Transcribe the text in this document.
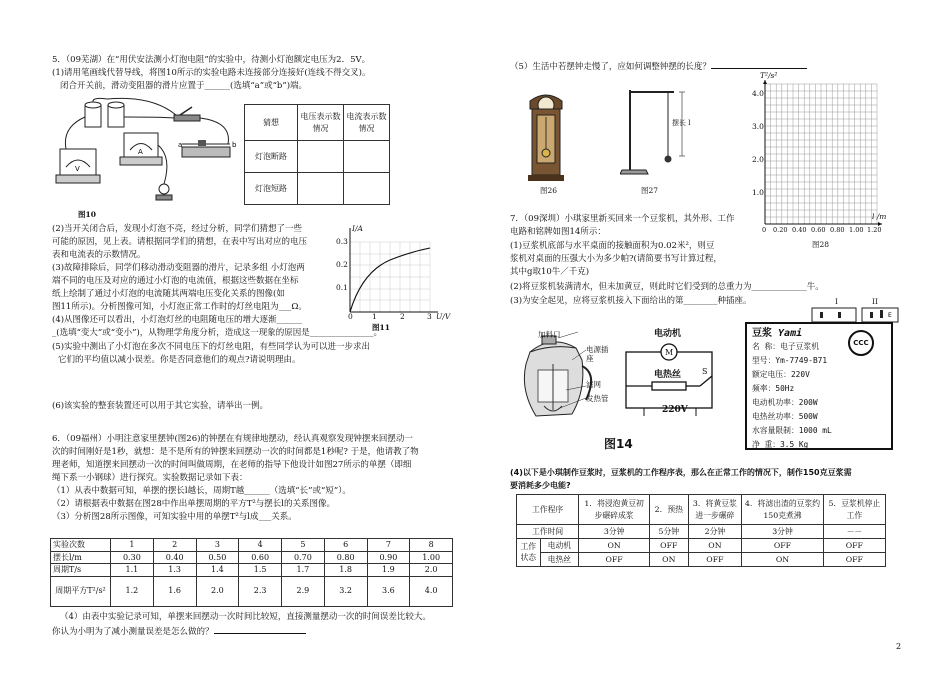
5．（09芜湖）在“用伏安法测小灯泡电阻”的实验中，待测小灯泡额定电压为2．5V。
(1)请用笔画线代替导线，将图10所示的实验电路未连接部分连接好(连线不得交叉)。
闭合开关前，滑动变阻器的滑片应置于______(选填“a”或“b”)端。
V
A
a	b
图10
猜想	电压表示数情况	电流表示数情况
灯泡断路		
灯泡短路		
(2)当开关闭合后，发现小灯泡不亮，经过分析，同学们猜想了一些
可能的原因，见上表。请根据同学们的猜想，在表中写出对应的电压
表和电流表的示数情况。
(3)故障排除后，同学们移动滑动变阻器的滑片，记录多组 小灯泡两
端不同的电压及对应的通过小灯泡的电流值，根据这些数据在坐标
纸上绘制了通过小灯泡的电流随其两端电压变化关系的图像(如
图11所示)。分析图像可知，小灯泡正常工作时的灯丝电阻为___Ω。
(4)从图像还可以看出，小灯泡灯丝的电阻随电压的增大逐渐______
_(选填“变大”或“变小”)，从物理学角度分析，造成这一现象的原因是_______________。
(5)实验中测出了小灯泡在多次不同电压下的灯丝电阻，有些同学认为可以进一步求出
它们的平均值以减小误差。你是否同意他们的观点?请说明理由。
(6)该实验的整套装置还可以用于其它实验，请举出一例。
I/A
0.3
0.2
0.1
0	1	2	3 U/V
图11
6．（09福州）小明注意家里摆钟(图26)的钟摆在有规律地摆动，经认真观察发现钟摆来回摆动一
次的时间刚好是1秒，就想：是不是所有的钟摆来回摆动一次的时间都是1秒呢? 于是，他请教了物
理老师，知道摆来回摆动一次的时间叫做周期，在老师的指导下他设计如图27所示的单摆（即细
绳下系一小钢球）进行探究。实验数据记录如下表：
（1）从表中数据可知，单摆的摆长l越长，周期T越______（选填“长”或“短”）。
（2）请根据表中数据在图28中作出单摆周期的平方T²与摆长l的关系图像。
（3）分析图28所示图像，可知实验中用的单摆T²与l成___关系。
实验次数	1	2	3	4	5	6	7	8
摆长l/m	0.30	0.40	0.50	0.60	0.70	0.80	0.90	1.00
周期T/s	1.1	1.3	1.4	1.5	1.7	1.8	1.9	2.0
周期平方T²/s²	1.2	1.6	2.0	2.3	2.9	3.2	3.6	4.0
（4）由表中实验记录可知，单摆来回摆动一次时间比较短，直接测量摆动一次的时间误差比较大。
你认为小明为了减小测量误差是怎么做的？
（5）生活中若摆钟走慢了，应如何调整钟摆的长度？
图26
摆长 l
图27
T²/s²
4.0
3.0
2.0
1.0
l /m
0 0.20 0.40 0.60 0.80 1.00 1.20
图28
7．（09深圳）小琪家里新买回来一个豆浆机，其外形、工作
电路和铭牌如图14所示：
(1)豆浆机底部与水平桌面的接触面积为0.02米²，则豆
浆机对桌面的压强大小为多少帕?(请简要书写计算过程，
其中g取10牛／千克)
(2)将豆浆机装满清水，但未加黄豆，则此时它们受到的总重力为_____________牛。
(3)为安全起见，应将豆浆机接入下面给出的第________种插座。	I	II
E
加料口
电源插座
滤网
发热管
电动机
M
S
电热丝
220V
图14
豆浆 Yami
名 称：电子豆浆机
型号：Ym-7749-B71
额定电压：220V
频率：50Hz
电动机功率：200W
电热丝功率：500W
水容量限制：1000 mL
净 重：3.5 Kg
CCC
(4)以下是小琪制作豆浆时，豆浆机的工作程序表，那么在正常工作的情况下，制作150克豆浆需
要消耗多少电能?
工作程序		1．将浸泡黄豆初步碾碎成浆	2．预热	3．将黄豆浆进一步碾碎	4．将滤出渣的豆浆约150克煮沸	5．豆浆机停止工作
工作时间		3分钟	5分钟	2分钟	3分钟	－－
工作状态	电动机	ON	OFF	ON	OFF	OFF
	电热丝	OFF	ON	OFF	ON	OFF
2
